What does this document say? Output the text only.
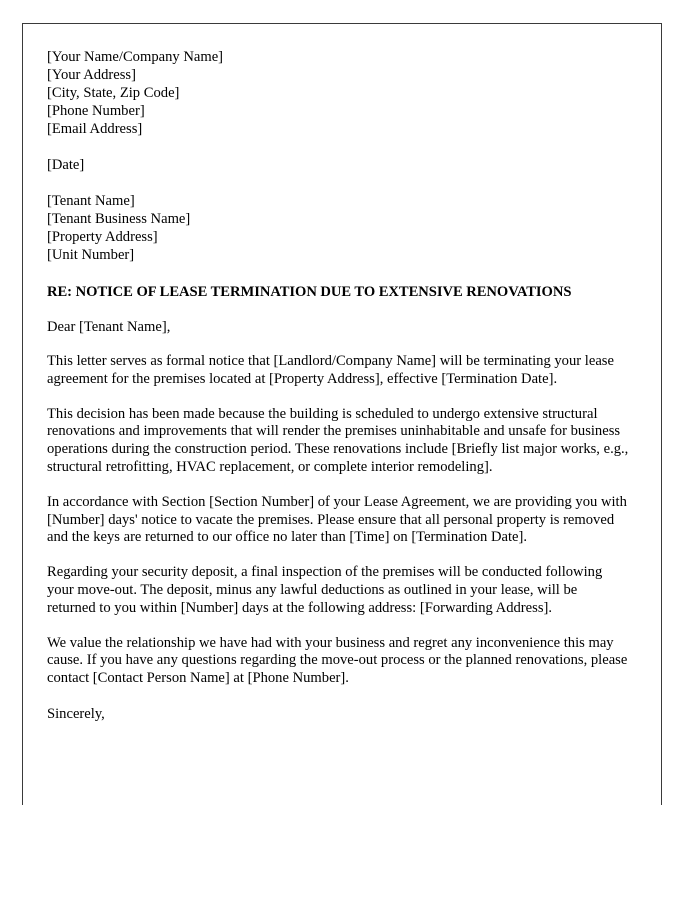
[Your Name/Company Name]
[Your Address]
[City, State, Zip Code]
[Phone Number]
[Email Address]
[Date]
[Tenant Name]
[Tenant Business Name]
[Property Address]
[Unit Number]

RE: NOTICE OF LEASE TERMINATION DUE TO EXTENSIVE RENOVATIONS

Dear [Tenant Name],

This letter serves as formal notice that [Landlord/Company Name] will be terminating your lease agreement for the premises located at [Property Address], effective [Termination Date].

This decision has been made because the building is scheduled to undergo extensive structural renovations and improvements that will render the premises uninhabitable and unsafe for business operations during the construction period. These renovations include [Briefly list major works, e.g., structural retrofitting, HVAC replacement, or complete interior remodeling].

In accordance with Section [Section Number] of your Lease Agreement, we are providing you with [Number] days' notice to vacate the premises. Please ensure that all personal property is removed and the keys are returned to our office no later than [Time] on [Termination Date].

Regarding your security deposit, a final inspection of the premises will be conducted following your move-out. The deposit, minus any lawful deductions as outlined in your lease, will be returned to you within [Number] days at the following address: [Forwarding Address].

We value the relationship we have had with your business and regret any inconvenience this may cause. If you have any questions regarding the move-out process or the planned renovations, please contact [Contact Person Name] at [Phone Number].

Sincerely,
